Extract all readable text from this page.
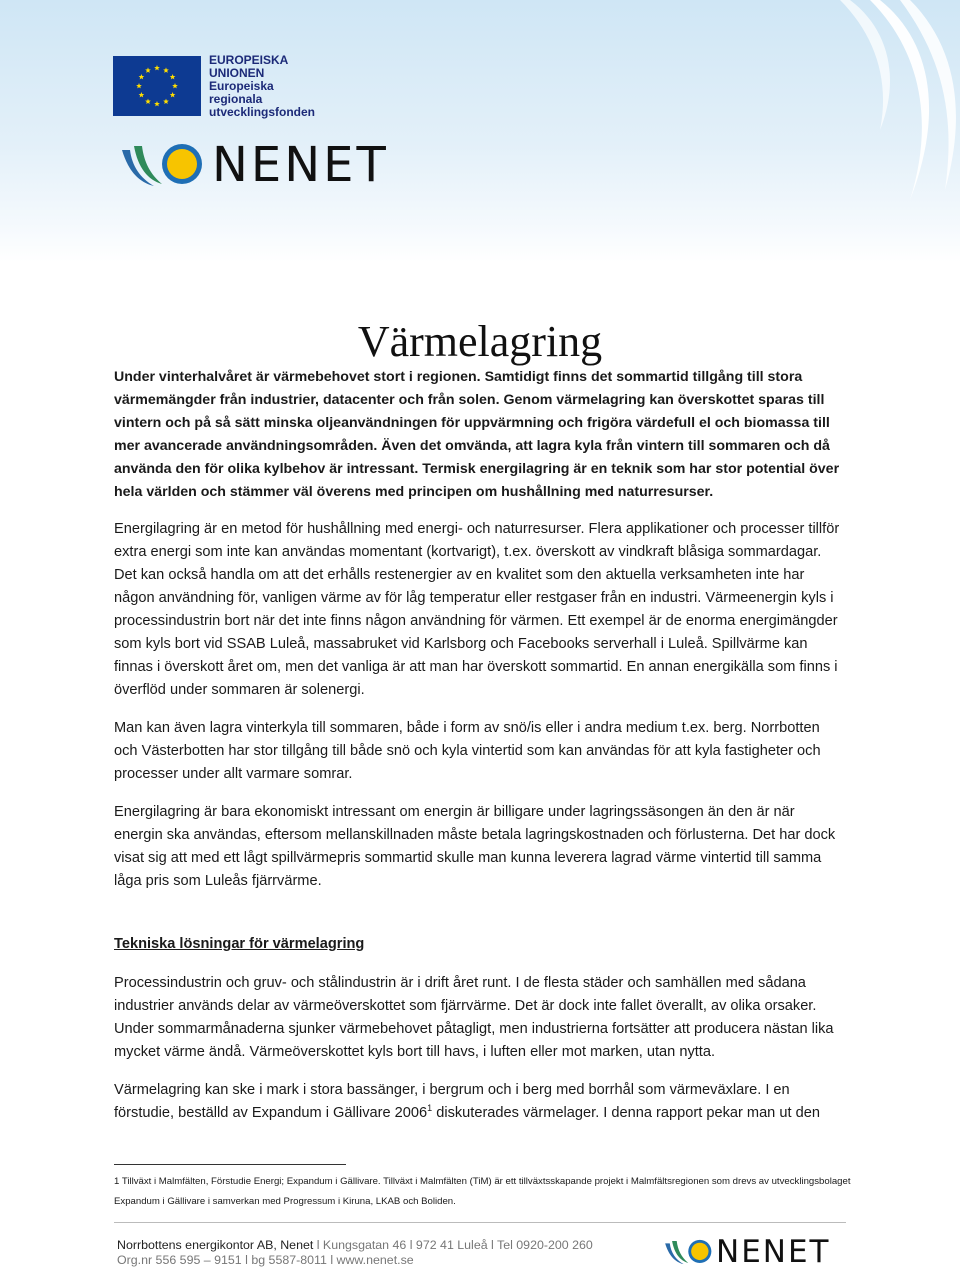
EUROPEISKA
UNIONEN
Europeiska
regionala
utvecklingsfonden
NENET
Värmelagring

Under vinterhalvåret är värmebehovet stort i regionen. Samtidigt finns det sommartid tillgång till stora värmemängder från industrier, datacenter och från solen. Genom värmelagring kan överskottet sparas till vintern och på så sätt minska oljeanvändningen för uppvärmning och frigöra värdefull el och biomassa till mer avancerade användningsområden. Även det omvända, att lagra kyla från vintern till sommaren och då använda den för olika kylbehov är intressant. Termisk energilagring är en teknik som har stor potential över hela världen och stämmer väl överens med principen om hushållning med naturresurser.

Energilagring är en metod för hushållning med energi- och naturresurser. Flera applikationer och processer tillför extra energi som inte kan användas momentant (kortvarigt), t.ex. överskott av vindkraft blåsiga sommardagar. Det kan också handla om att det erhålls restenergier av en kvalitet som den aktuella verksamheten inte har någon användning för, vanligen värme av för låg temperatur eller restgaser från en industri. Värmeenergin kyls i processindustrin bort när det inte finns någon användning för värmen. Ett exempel är de enorma energimängder som kyls bort vid SSAB Luleå, massabruket vid Karlsborg och Facebooks serverhall i Luleå. Spillvärme kan finnas i överskott året om, men det vanliga är att man har överskott sommartid. En annan energikälla som finns i överflöd under sommaren är solenergi.

Man kan även lagra vinterkyla till sommaren, både i form av snö/is eller i andra medium t.ex. berg. Norrbotten och Västerbotten har stor tillgång till både snö och kyla vintertid som kan användas för att kyla fastigheter och processer under allt varmare somrar.

Energilagring är bara ekonomiskt intressant om energin är billigare under lagringssäsongen än den är när energin ska användas, eftersom mellanskillnaden måste betala lagringskostnaden och förlusterna. Det har dock visat sig att med ett lågt spillvärmepris sommartid skulle man kunna leverera lagrad värme vintertid till samma låga pris som Luleås fjärrvärme.

Tekniska lösningar för värmelagring

Processindustrin och gruv- och stålindustrin är i drift året runt. I de flesta städer och samhällen med sådana industrier används delar av värmeöverskottet som fjärrvärme. Det är dock inte fallet överallt, av olika orsaker. Under sommarmånaderna sjunker värmebehovet påtagligt, men industrierna fortsätter att producera nästan lika mycket värme ändå. Värmeöverskottet kyls bort till havs, i luften eller mot marken, utan nytta.

Värmelagring kan ske i mark i stora bassänger, i bergrum och i berg med borrhål som värmeväxlare. I en förstudie, beställd av Expandum i Gällivare 2006$^1$ diskuterades värmelager. I denna rapport pekar man ut den

1 Tillväxt i Malmfälten, Förstudie Energi; Expandum i Gällivare. Tillväxt i Malmfälten (TiM) är ett tillväxtsskapande projekt i Malmfältsregionen som drevs av utvecklingsbolaget Expandum i Gällivare i samverkan med Progressum i Kiruna, LKAB och Boliden.
Norrbottens energikontor AB, Nenet l Kungsgatan 46 l 972 41 Luleå l Tel 0920-200 260
Org.nr 556 595 – 9151 l bg 5587-8011 l www.nenet.se	NENET
